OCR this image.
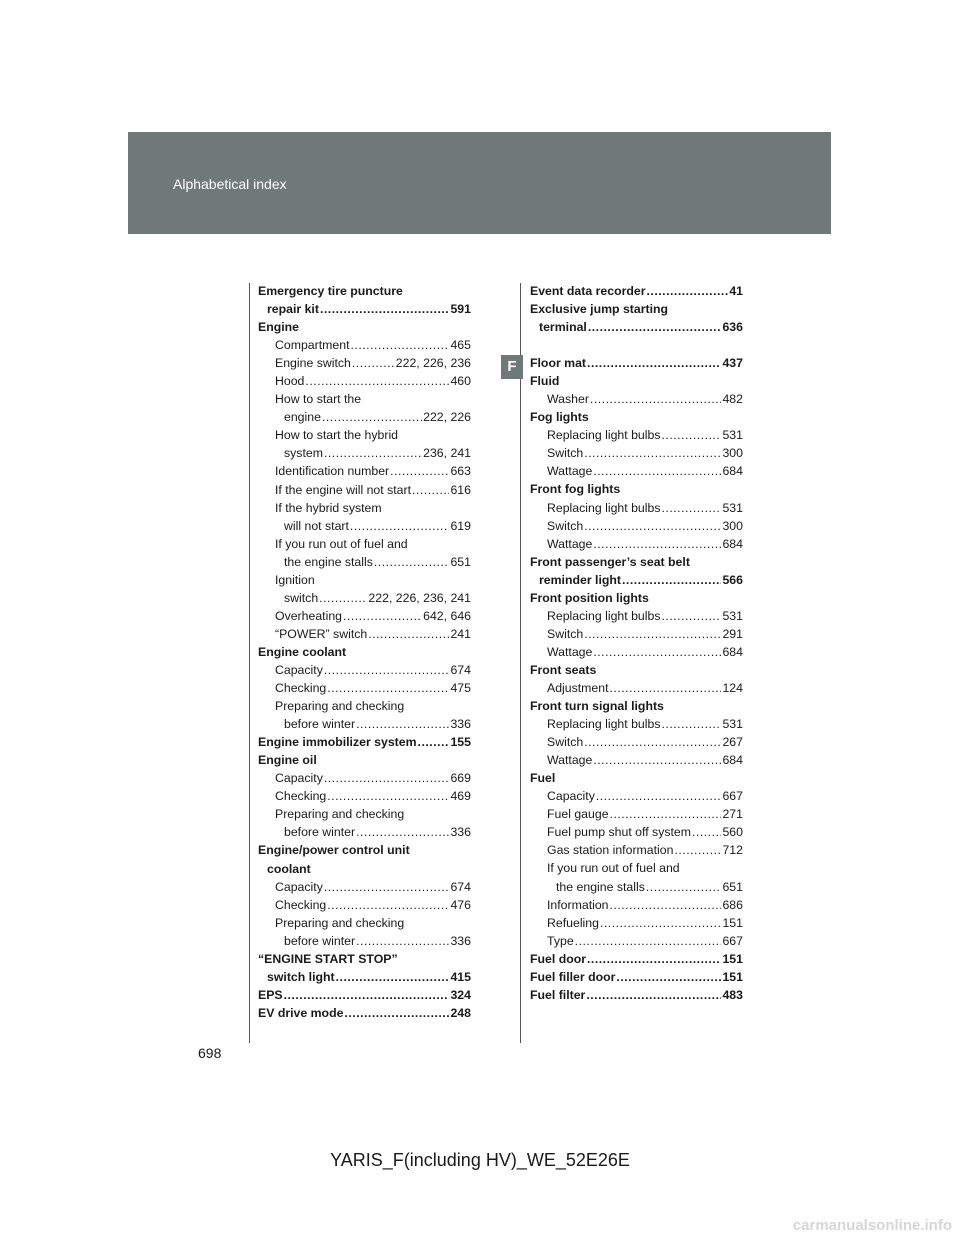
Alphabetical index
F
Emergency tire puncture
repair kit .....	591
Engine
Compartment .....	465
Engine switch .....	222, 226, 236
Hood .....	460
How to start the
engine .....	222, 226
How to start the hybrid
system .....	236, 241
Identification number .....	663
If the engine will not start .....	616
If the hybrid system
will not start .....	619
If you run out of fuel and
the engine stalls .....	651
Ignition
switch .....	222, 226, 236, 241
Overheating .....	642, 646
“POWER” switch .....	241
Engine coolant
Capacity .....	674
Checking .....	475
Preparing and checking
before winter .....	336
Engine immobilizer system .....	155
Engine oil
Capacity .....	669
Checking .....	469
Preparing and checking
before winter .....	336
Engine/power control unit
coolant
Capacity .....	674
Checking .....	476
Preparing and checking
before winter .....	336
“ENGINE START STOP”
switch light .....	415
EPS .....	324
EV drive mode .....	248
Event data recorder .....	41
Exclusive jump starting
terminal .....	636
Floor mat .....	437
Fluid
Washer .....	482
Fog lights
Replacing light bulbs .....	531
Switch .....	300
Wattage .....	684
Front fog lights
Replacing light bulbs .....	531
Switch .....	300
Wattage .....	684
Front passenger’s seat belt
reminder light .....	566
Front position lights
Replacing light bulbs .....	531
Switch .....	291
Wattage .....	684
Front seats
Adjustment .....	124
Front turn signal lights
Replacing light bulbs .....	531
Switch .....	267
Wattage .....	684
Fuel
Capacity .....	667
Fuel gauge .....	271
Fuel pump shut off system .....	560
Gas station information .....	712
If you run out of fuel and
the engine stalls .....	651
Information .....	686
Refueling .....	151
Type .....	667
Fuel door .....	151
Fuel filler door .....	151
Fuel filter .....	483
698
YARIS_F(including HV)_WE_52E26E
carmanualsonline.info
